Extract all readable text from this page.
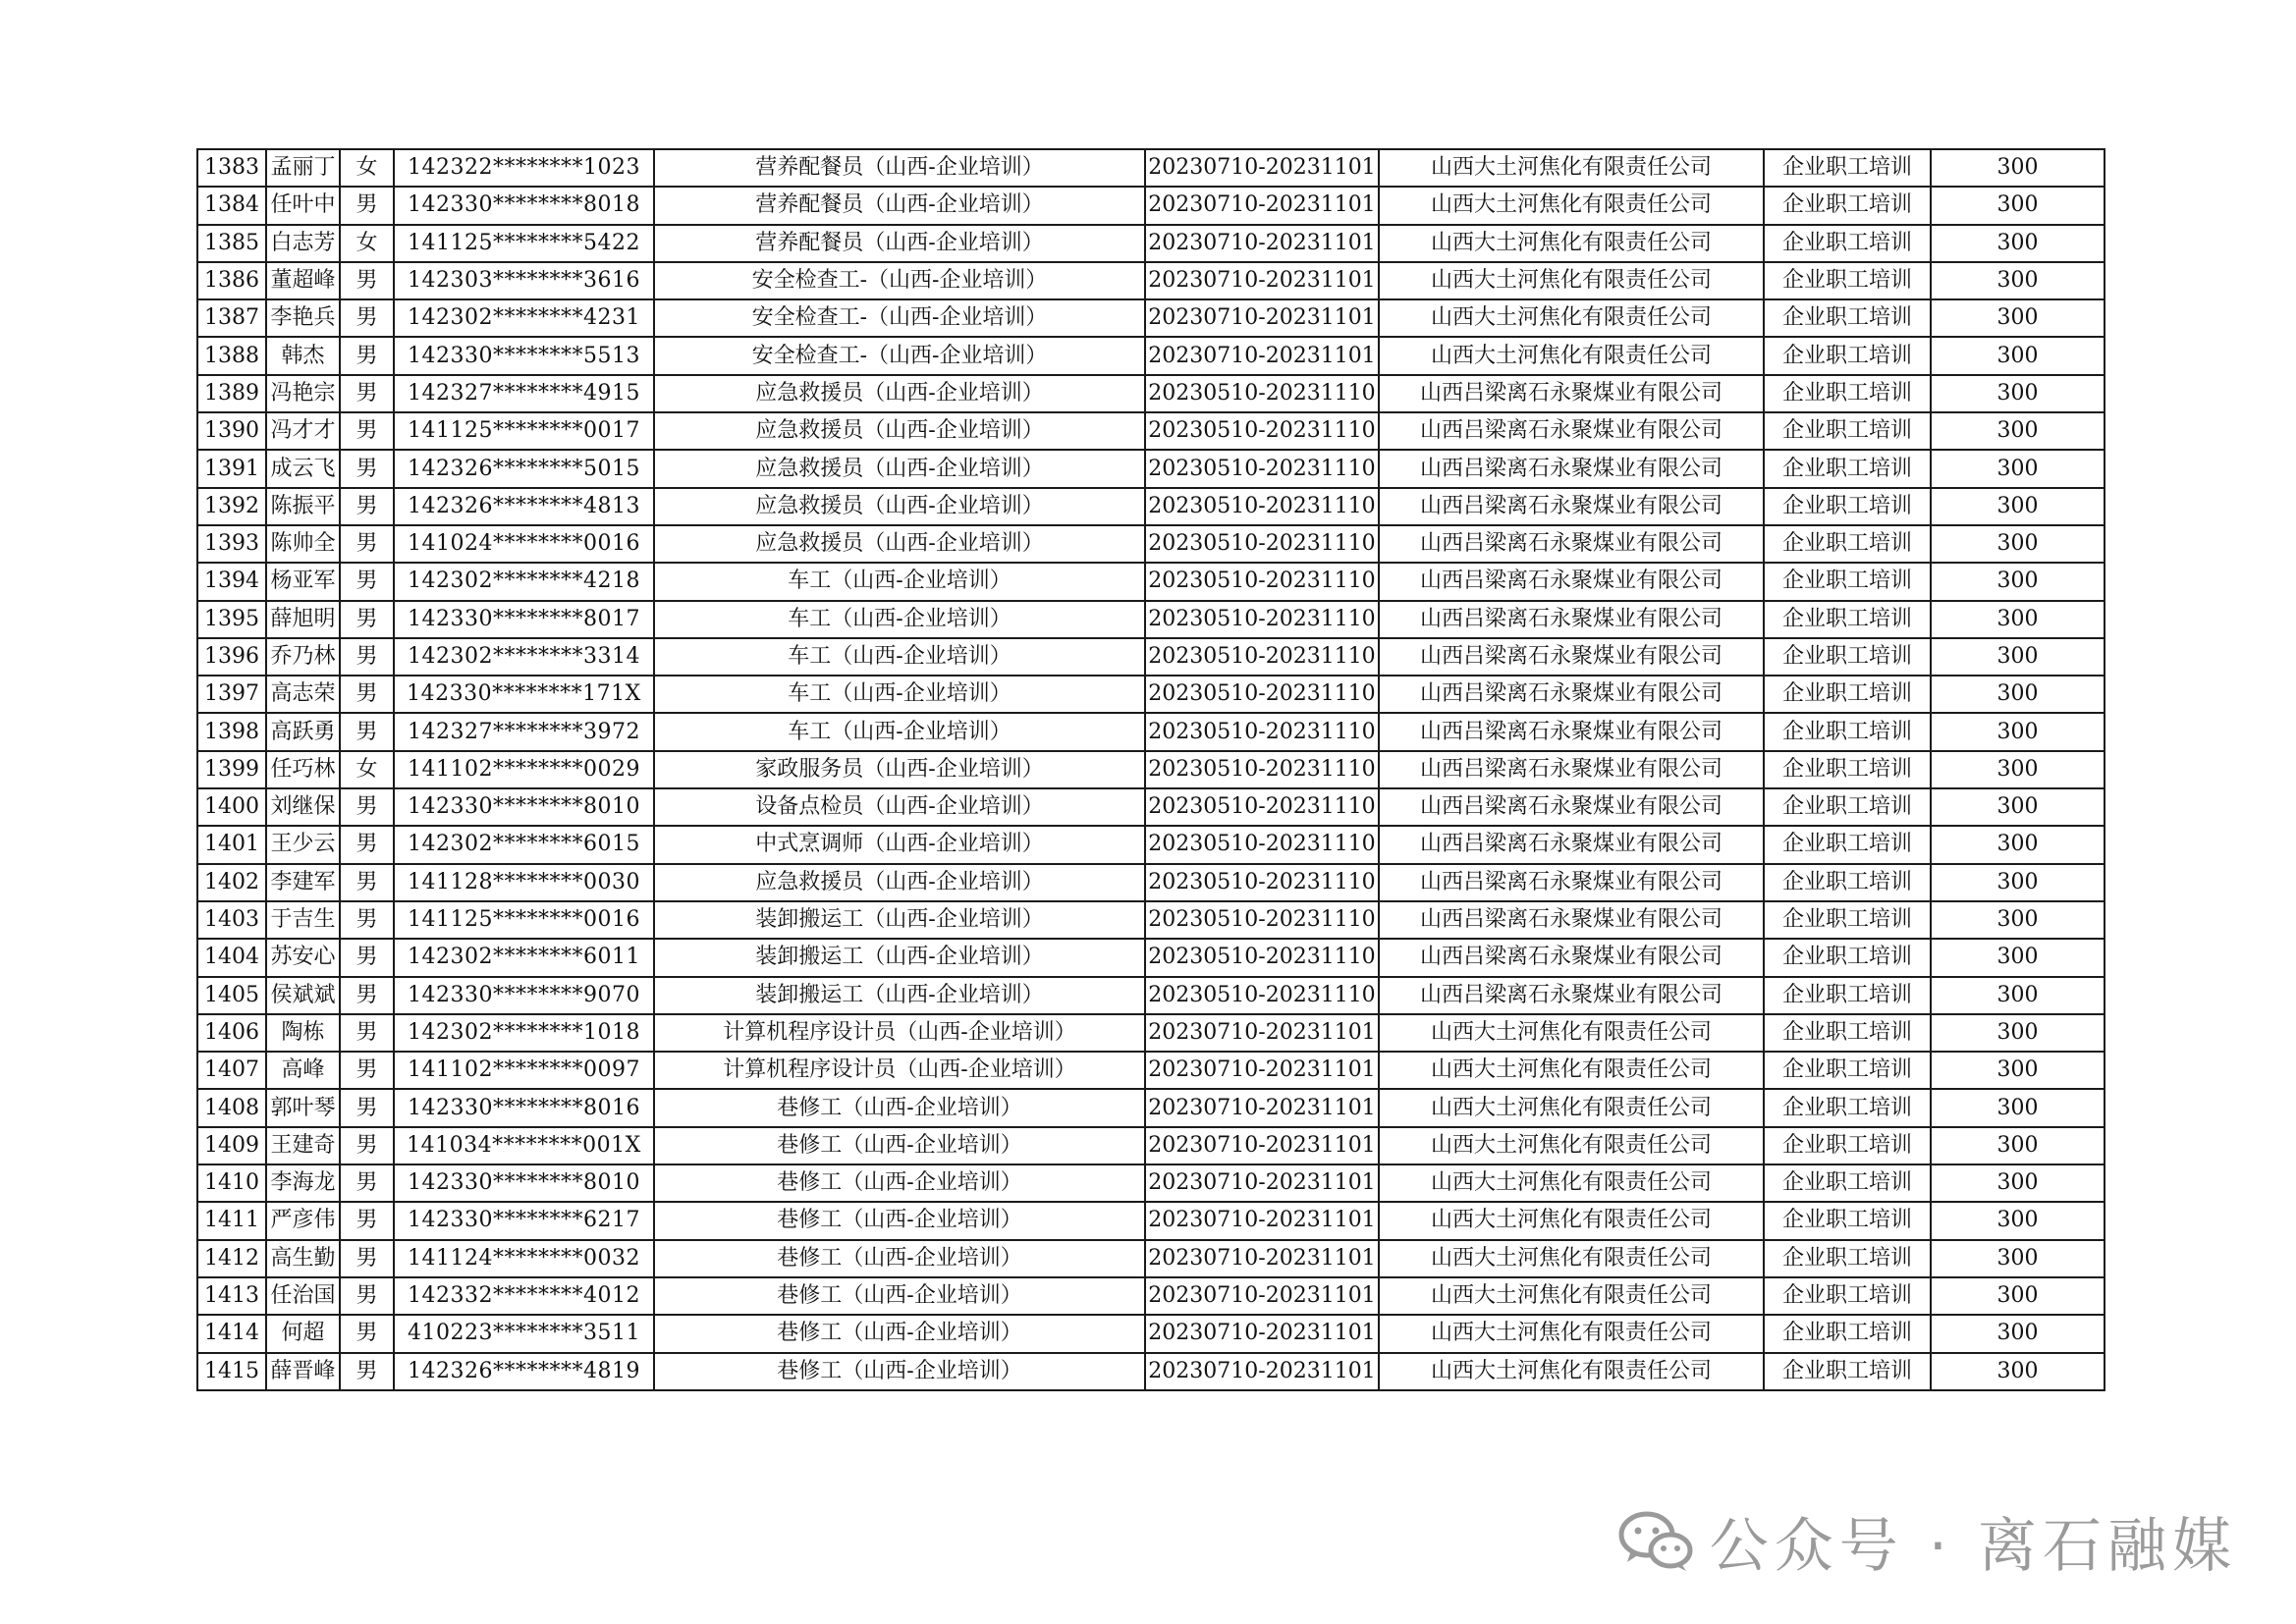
1383	孟丽丁	女	142322********1023	营养配餐员（山西-企业培训）	20230710-20231101	山西大土河焦化有限责任公司	企业职工培训	300
1384	任叶中	男	142330********8018	营养配餐员（山西-企业培训）	20230710-20231101	山西大土河焦化有限责任公司	企业职工培训	300
1385	白志芳	女	141125********5422	营养配餐员（山西-企业培训）	20230710-20231101	山西大土河焦化有限责任公司	企业职工培训	300
1386	董超峰	男	142303********3616	安全检查工-（山西-企业培训）	20230710-20231101	山西大土河焦化有限责任公司	企业职工培训	300
1387	李艳兵	男	142302********4231	安全检查工-（山西-企业培训）	20230710-20231101	山西大土河焦化有限责任公司	企业职工培训	300
1388	韩杰	男	142330********5513	安全检查工-（山西-企业培训）	20230710-20231101	山西大土河焦化有限责任公司	企业职工培训	300
1389	冯艳宗	男	142327********4915	应急救援员（山西-企业培训）	20230510-20231110	山西吕梁离石永聚煤业有限公司	企业职工培训	300
1390	冯才才	男	141125********0017	应急救援员（山西-企业培训）	20230510-20231110	山西吕梁离石永聚煤业有限公司	企业职工培训	300
1391	成云飞	男	142326********5015	应急救援员（山西-企业培训）	20230510-20231110	山西吕梁离石永聚煤业有限公司	企业职工培训	300
1392	陈振平	男	142326********4813	应急救援员（山西-企业培训）	20230510-20231110	山西吕梁离石永聚煤业有限公司	企业职工培训	300
1393	陈帅全	男	141024********0016	应急救援员（山西-企业培训）	20230510-20231110	山西吕梁离石永聚煤业有限公司	企业职工培训	300
1394	杨亚军	男	142302********4218	车工（山西-企业培训）	20230510-20231110	山西吕梁离石永聚煤业有限公司	企业职工培训	300
1395	薛旭明	男	142330********8017	车工（山西-企业培训）	20230510-20231110	山西吕梁离石永聚煤业有限公司	企业职工培训	300
1396	乔乃林	男	142302********3314	车工（山西-企业培训）	20230510-20231110	山西吕梁离石永聚煤业有限公司	企业职工培训	300
1397	高志荣	男	142330********171X	车工（山西-企业培训）	20230510-20231110	山西吕梁离石永聚煤业有限公司	企业职工培训	300
1398	高跃勇	男	142327********3972	车工（山西-企业培训）	20230510-20231110	山西吕梁离石永聚煤业有限公司	企业职工培训	300
1399	任巧林	女	141102********0029	家政服务员（山西-企业培训）	20230510-20231110	山西吕梁离石永聚煤业有限公司	企业职工培训	300
1400	刘继保	男	142330********8010	设备点检员（山西-企业培训）	20230510-20231110	山西吕梁离石永聚煤业有限公司	企业职工培训	300
1401	王少云	男	142302********6015	中式烹调师（山西-企业培训）	20230510-20231110	山西吕梁离石永聚煤业有限公司	企业职工培训	300
1402	李建军	男	141128********0030	应急救援员（山西-企业培训）	20230510-20231110	山西吕梁离石永聚煤业有限公司	企业职工培训	300
1403	于吉生	男	141125********0016	装卸搬运工（山西-企业培训）	20230510-20231110	山西吕梁离石永聚煤业有限公司	企业职工培训	300
1404	苏安心	男	142302********6011	装卸搬运工（山西-企业培训）	20230510-20231110	山西吕梁离石永聚煤业有限公司	企业职工培训	300
1405	侯斌斌	男	142330********9070	装卸搬运工（山西-企业培训）	20230510-20231110	山西吕梁离石永聚煤业有限公司	企业职工培训	300
1406	陶栋	男	142302********1018	计算机程序设计员（山西-企业培训）	20230710-20231101	山西大土河焦化有限责任公司	企业职工培训	300
1407	高峰	男	141102********0097	计算机程序设计员（山西-企业培训）	20230710-20231101	山西大土河焦化有限责任公司	企业职工培训	300
1408	郭叶琴	男	142330********8016	巷修工（山西-企业培训）	20230710-20231101	山西大土河焦化有限责任公司	企业职工培训	300
1409	王建奇	男	141034********001X	巷修工（山西-企业培训）	20230710-20231101	山西大土河焦化有限责任公司	企业职工培训	300
1410	李海龙	男	142330********8010	巷修工（山西-企业培训）	20230710-20231101	山西大土河焦化有限责任公司	企业职工培训	300
1411	严彦伟	男	142330********6217	巷修工（山西-企业培训）	20230710-20231101	山西大土河焦化有限责任公司	企业职工培训	300
1412	高生勤	男	141124********0032	巷修工（山西-企业培训）	20230710-20231101	山西大土河焦化有限责任公司	企业职工培训	300
1413	任治国	男	142332********4012	巷修工（山西-企业培训）	20230710-20231101	山西大土河焦化有限责任公司	企业职工培训	300
1414	何超	男	410223********3511	巷修工（山西-企业培训）	20230710-20231101	山西大土河焦化有限责任公司	企业职工培训	300
1415	薛晋峰	男	142326********4819	巷修工（山西-企业培训）	20230710-20231101	山西大土河焦化有限责任公司	企业职工培训	300
公众号 · 离石融媒
